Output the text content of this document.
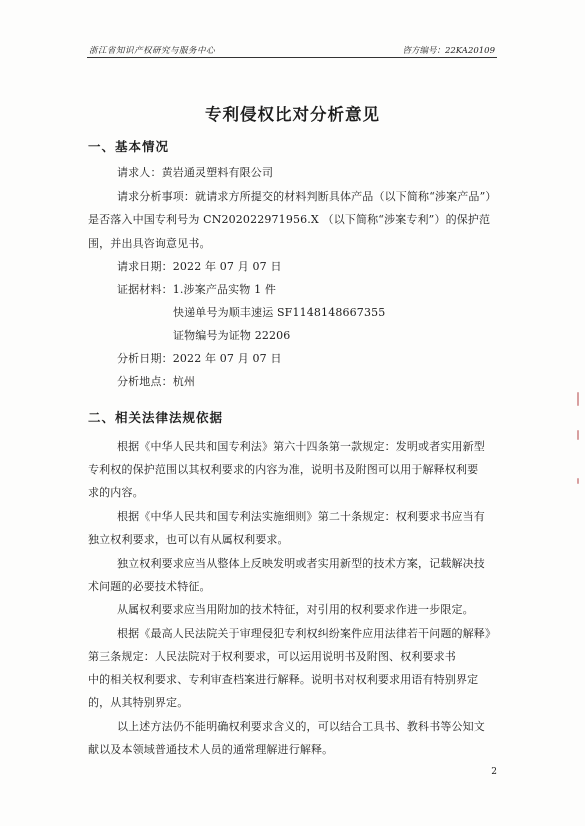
浙江省知识产权研究与服务中心	咨方编号：22KA20109
专利侵权比对分析意见
一、基本情况
请求人：黄岩通灵塑料有限公司
请求分析事项：就请求方所提交的材料判断具体产品（以下简称“涉案产品”）
是否落入中国专利号为 CN202022971956.X （以下简称“涉案专利”）的保护范
围，并出具咨询意见书。
请求日期：2022 年 07 月 07 日
证据材料：1.涉案产品实物 1 件
快递单号为顺丰速运 SF1148148667355
证物编号为证物 22206
分析日期：2022 年 07 月 07 日
分析地点：杭州
二、相关法律法规依据
根据《中华人民共和国专利法》第六十四条第一款规定：发明或者实用新型
专利权的保护范围以其权利要求的内容为准，说明书及附图可以用于解释权利要
求的内容。
根据《中华人民共和国专利法实施细则》第二十条规定：权利要求书应当有
独立权利要求，也可以有从属权利要求。
独立权利要求应当从整体上反映发明或者实用新型的技术方案，记载解决技
术问题的必要技术特征。
从属权利要求应当用附加的技术特征，对引用的权利要求作进一步限定。
根据《最高人民法院关于审理侵犯专利权纠纷案件应用法律若干问题的解释》
第三条规定：人民法院对于权利要求，可以运用说明书及附图、权利要求书
中的相关权利要求、专利审查档案进行解释。说明书对权利要求用语有特别界定
的，从其特别界定。
以上述方法仍不能明确权利要求含义的，可以结合工具书、教科书等公知文
献以及本领域普通技术人员的通常理解进行解释。
2
